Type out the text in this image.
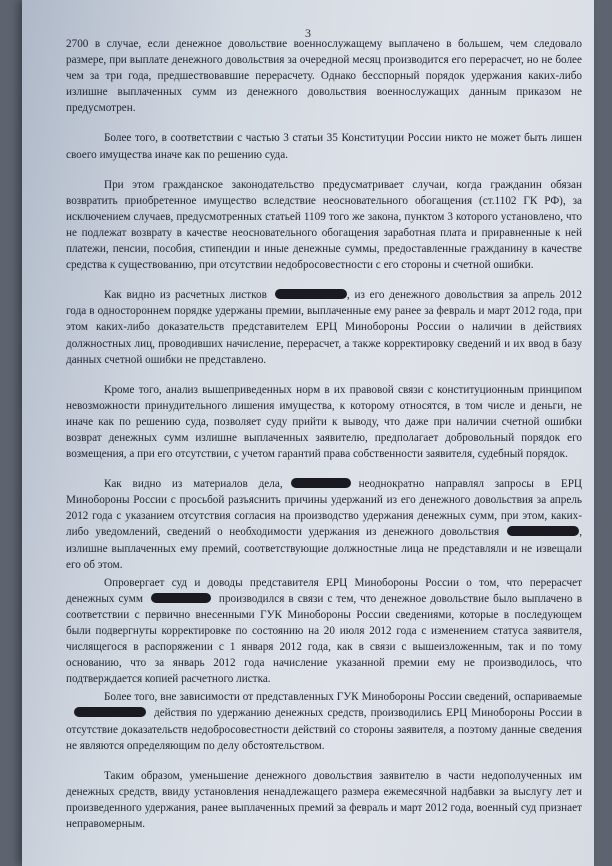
3

2700 в случае, если денежное довольствие военнослужащему выплачено в большем, чем следовало размере, при выплате денежного довольствия за очередной месяц производится его перерасчет, но не более чем за три года, предшествовавшие перерасчету. Однако бесспорный порядок удержания каких-либо излишне выплаченных сумм из денежного довольствия военнослужащих данным приказом не предусмотрен.

Более того, в соответствии с частью 3 статьи 35 Конституции России никто не может быть лишен своего имущества иначе как по решению суда.

При этом гражданское законодательство предусматривает случаи, когда гражданин обязан возвратить приобретенное имущество вследствие неосновательного обогащения (ст.1102 ГК РФ), за исключением случаев, предусмотренных статьей 1109 того же закона, пунктом 3 которого установлено, что не подлежат возврату в качестве неосновательного обогащения заработная плата и приравненные к ней платежи, пенсии, пособия, стипендии и иные денежные суммы, предоставленные гражданину в качестве средства к существованию, при отсутствии недобросовестности с его стороны и счетной ошибки.

Как видно из расчетных листков	, из его денежного довольствия за апрель 2012 года в одностороннем порядке удержаны премии, выплаченные ему ранее за февраль и март 2012 года, при этом каких-либо доказательств представителем ЕРЦ Минобороны России о наличии в действиях должностных лиц, проводивших начисление, перерасчет, а также корректировку сведений и их ввод в базу данных счетной ошибки не представлено.

Кроме того, анализ вышеприведенных норм в их правовой связи с конституционным принципом невозможности принудительного лишения имущества, к которому относятся, в том числе и деньги, не иначе как по решению суда, позволяет суду прийти к выводу, что даже при наличии счетной ошибки возврат денежных сумм излишне выплаченных заявителю, предполагает добровольный порядок его возмещения, а при его отсутствии, с учетом гарантий права собственности заявителя, судебный порядок.

Как видно из материалов дела,	неоднократно направлял запросы в ЕРЦ Минобороны России с просьбой разъяснить причины удержаний из его денежного довольствия за апрель 2012 года с указанием отсутствия согласия на производство удержания денежных сумм, при этом, каких-либо уведомлений, сведений о необходимости удержания из денежного довольствия	, излишне выплаченных ему премий, соответствующие должностные лица не представляли и не извещали его об этом.

Опровергает суд и доводы представителя ЕРЦ Минобороны России о том, что перерасчет денежных сумм	производился в связи с тем, что денежное довольствие было выплачено в соответствии с первично внесенными ГУК Минобороны России сведениями, которые в последующем были подвергнуты корректировке по состоянию на 20 июля 2012 года с изменением статуса заявителя, числящегося в распоряжении с 1 января 2012 года, как в связи с вышеизложенным, так и по тому основанию, что за январь 2012 года начисление указанной премии ему не производилось, что подтверждается копией расчетного листка.

Более того, вне зависимости от представленных ГУК Минобороны России сведений, оспариваемыедействия по удержанию денежных средств, производились ЕРЦ Минобороны России в отсутствие доказательств недобросовестности действий со стороны заявителя, а поэтому данные сведения не являются определяющим по делу обстоятельством.

Таким образом, уменьшение денежного довольствия заявителю в части недополученных им денежных средств, ввиду установления ненадлежащего размера ежемесячной надбавки за выслугу лет и произведенного удержания, ранее выплаченных премий за февраль и март 2012 года, военный суд признает неправомерным.
